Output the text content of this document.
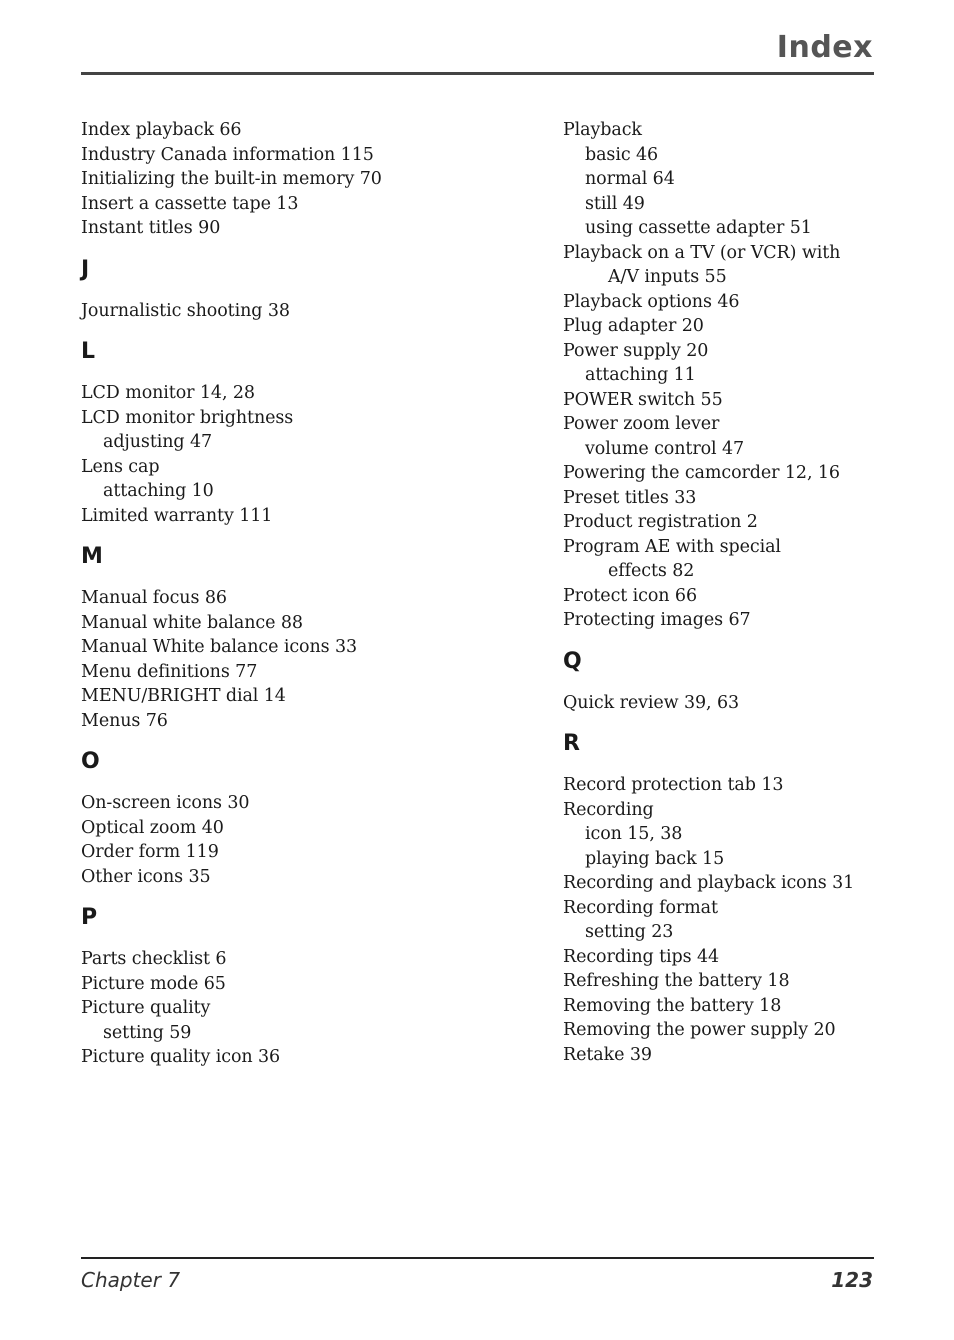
Index
Index playback 66
Industry Canada information 115
Initializing the built-in memory 70
Insert a cassette tape 13
Instant titles 90
J
Journalistic shooting 38
L
LCD monitor 14, 28
LCD monitor brightness
adjusting 47
Lens cap
attaching 10
Limited warranty 111
M
Manual focus 86
Manual white balance 88
Manual White balance icons 33
Menu definitions 77
MENU/BRIGHT dial 14
Menus 76
O
On-screen icons 30
Optical zoom 40
Order form 119
Other icons 35
P
Parts checklist 6
Picture mode 65
Picture quality
setting 59
Picture quality icon 36
Playback
basic 46
normal 64
still 49
using cassette adapter 51
Playback on a TV (or VCR) with
A/V inputs 55
Playback options 46
Plug adapter 20
Power supply 20
attaching 11
POWER switch 55
Power zoom lever
volume control 47
Powering the camcorder 12, 16
Preset titles 33
Product registration 2
Program AE with special
effects 82
Protect icon 66
Protecting images 67
Q
Quick review 39, 63
R
Record protection tab 13
Recording
icon 15, 38
playing back 15
Recording and playback icons 31
Recording format
setting 23
Recording tips 44
Refreshing the battery 18
Removing the battery 18
Removing the power supply 20
Retake 39

Chapter 7	123
